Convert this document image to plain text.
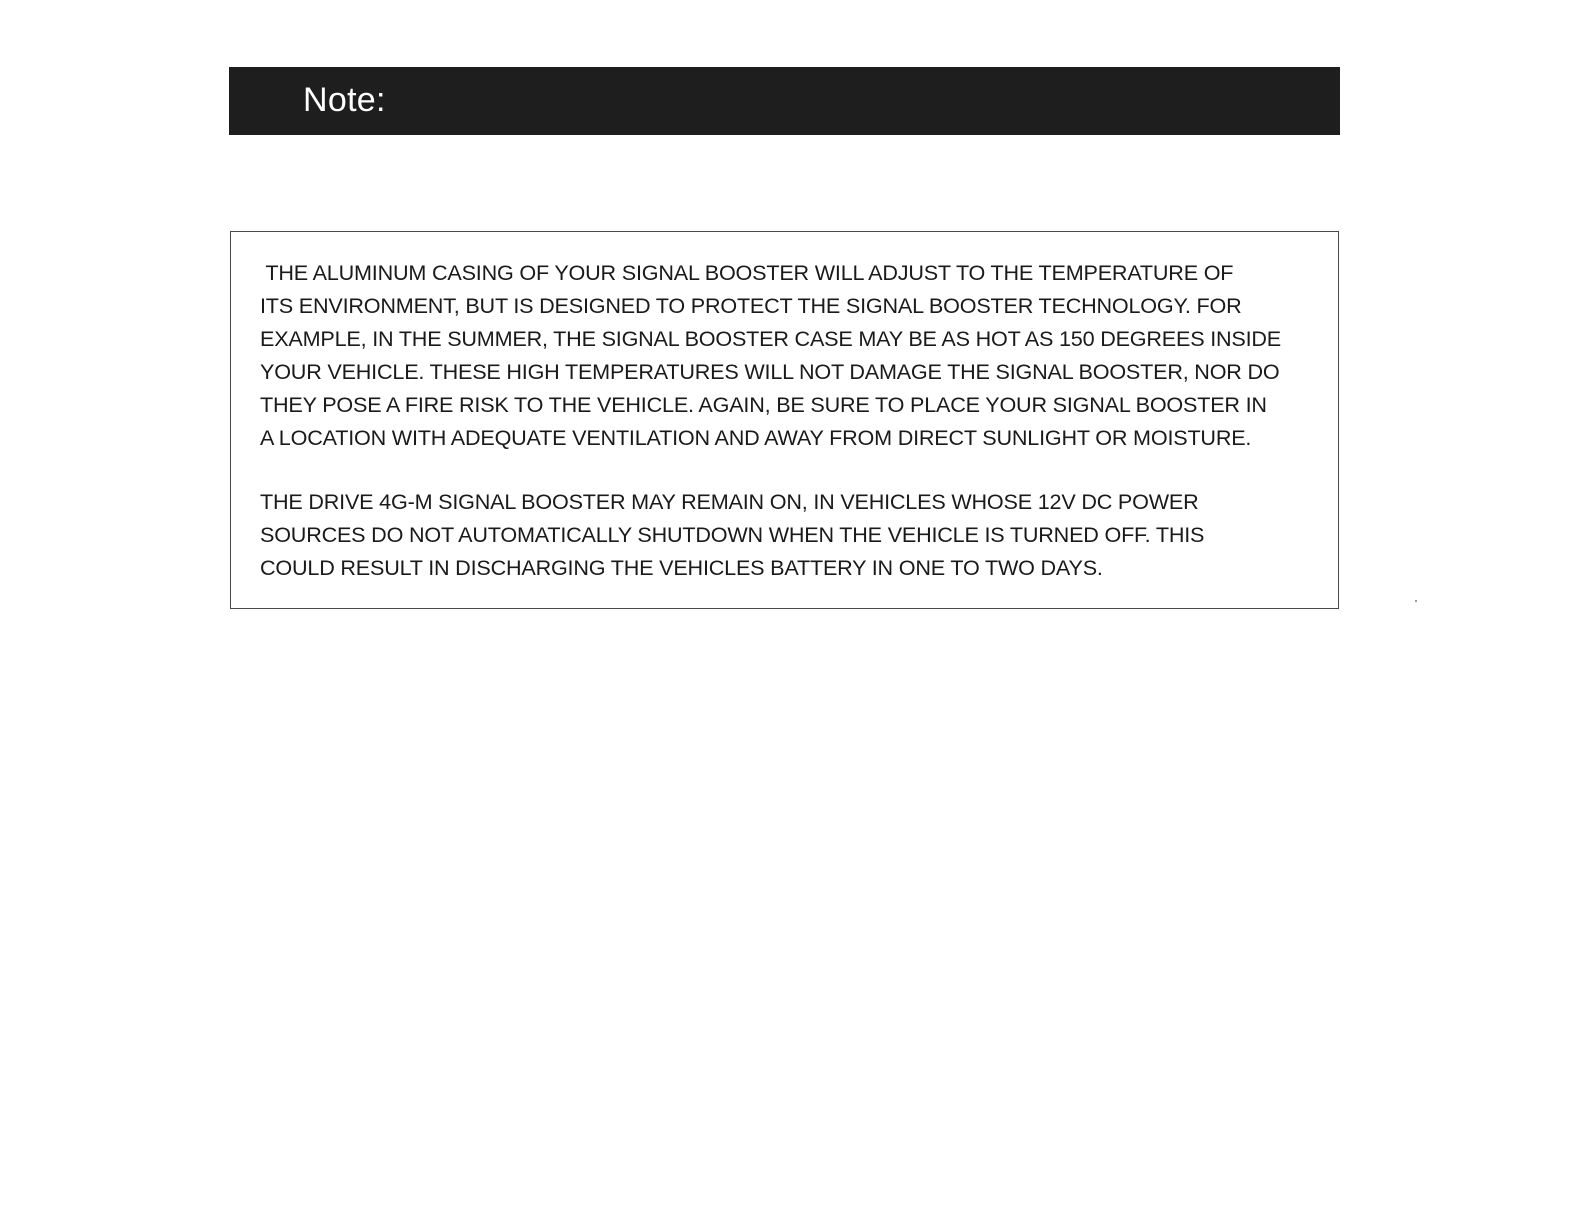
Note:

THE ALUMINUM CASING OF YOUR SIGNAL BOOSTER WILL ADJUST TO THE TEMPERATURE OF
ITS ENVIRONMENT, BUT IS DESIGNED TO PROTECT THE SIGNAL BOOSTER TECHNOLOGY. FOR
EXAMPLE, IN THE SUMMER, THE SIGNAL BOOSTER CASE MAY BE AS HOT AS 150 DEGREES INSIDE
YOUR VEHICLE. THESE HIGH TEMPERATURES WILL NOT DAMAGE THE SIGNAL BOOSTER, NOR DO
THEY POSE A FIRE RISK TO THE VEHICLE. AGAIN, BE SURE TO PLACE YOUR SIGNAL BOOSTER IN
A LOCATION WITH ADEQUATE VENTILATION AND AWAY FROM DIRECT SUNLIGHT OR MOISTURE.

THE DRIVE 4G-M SIGNAL BOOSTER MAY REMAIN ON, IN VEHICLES WHOSE 12V DC POWER
SOURCES DO NOT AUTOMATICALLY SHUTDOWN WHEN THE VEHICLE IS TURNED OFF. THIS
COULD RESULT IN DISCHARGING THE VEHICLES BATTERY IN ONE TO TWO DAYS.
